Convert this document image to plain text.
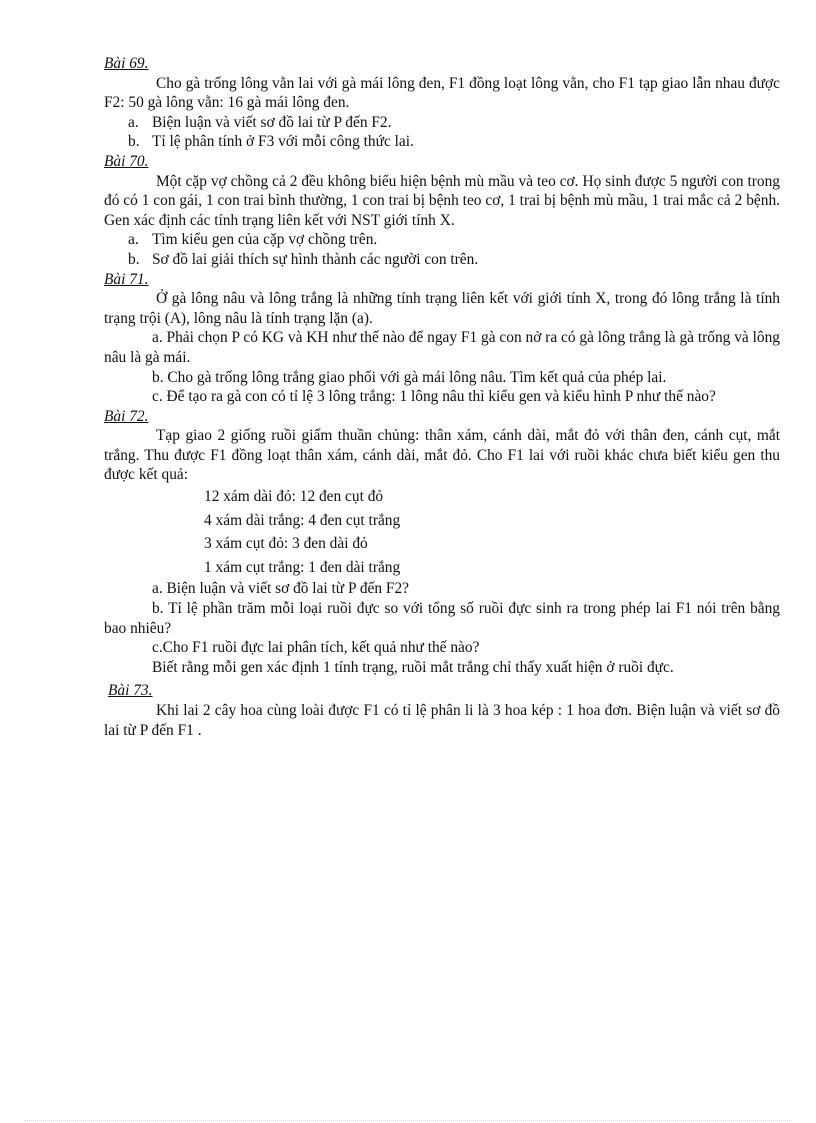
Bài 69.

Cho gà trống lông vằn lai với gà mái lông đen, F1 đồng loạt lông vằn, cho F1 tạp giao lẫn nhau được F2: 50 gà lông vằn: 16 gà mái lông đen.

a. Biện luận và viết sơ đồ lai từ P đến F2.
b. Tỉ lệ phân tính ở F3 với mỗi công thức lai.

Bài 70.

Một cặp vợ chồng cả 2 đều không biểu hiện bệnh mù mầu và teo cơ. Họ sinh được 5 người con trong đó có 1 con gái, 1 con trai bình thường, 1 con trai bị bệnh teo cơ, 1 trai bị bệnh mù mầu, 1 trai mắc cả 2 bệnh. Gen xác định các tính trạng liên kết với NST giới tính X.

a. Tìm kiểu gen của cặp vợ chồng trên.
b. Sơ đồ lai giải thích sự hình thành các người con trên.

Bài 71.

Ở gà lông nâu và lông trắng là những tính trạng liên kết với giới tính X, trong đó lông trắng là tính trạng trội (A), lông nâu là tính trạng lặn (a).

a. Phải chọn P có KG và KH như thế nào để ngay F1 gà con nở ra có gà lông trắng là gà trống và lông nâu là gà mái.

b. Cho gà trống lông trắng giao phối với gà mái lông nâu. Tìm kết quả của phép lai.

c. Để tạo ra gà con có tỉ lệ 3 lông trắng: 1 lông nâu thì kiểu gen và kiểu hình P như thế nào?

Bài 72.

Tạp giao 2 giống ruồi giấm thuần chủng: thân xám, cánh dài, mắt đỏ với thân đen, cánh cụt, mắt trắng. Thu được F1 đồng loạt thân xám, cánh dài, mắt đỏ. Cho F1 lai với ruồi khác chưa biết kiểu gen thu được kết quả:

12 xám dài đỏ: 12 đen cụt đỏ

4 xám dài trắng: 4 đen cụt trắng

3 xám cụt đỏ: 3 đen dài đỏ

1 xám cụt trắng: 1 đen dài trắng

a. Biện luận và viết sơ đồ lai từ P đến F2?

b. Tỉ lệ phần trăm mỗi loại ruồi đực so với tổng số ruồi đực sinh ra trong phép lai F1 nói trên bằng bao nhiêu?

c.Cho F1 ruồi đực lai phân tích, kết quả như thế nào?

Biết rằng mỗi gen xác định 1 tính trạng, ruồi mắt trắng chỉ thấy xuất hiện ở ruồi đực.

Bài 73.

Khi lai 2 cây hoa cùng loài được F1 có tỉ lệ phân li là 3 hoa kép : 1 hoa đơn. Biện luận và viết sơ đồ lai từ P đến F1 .
